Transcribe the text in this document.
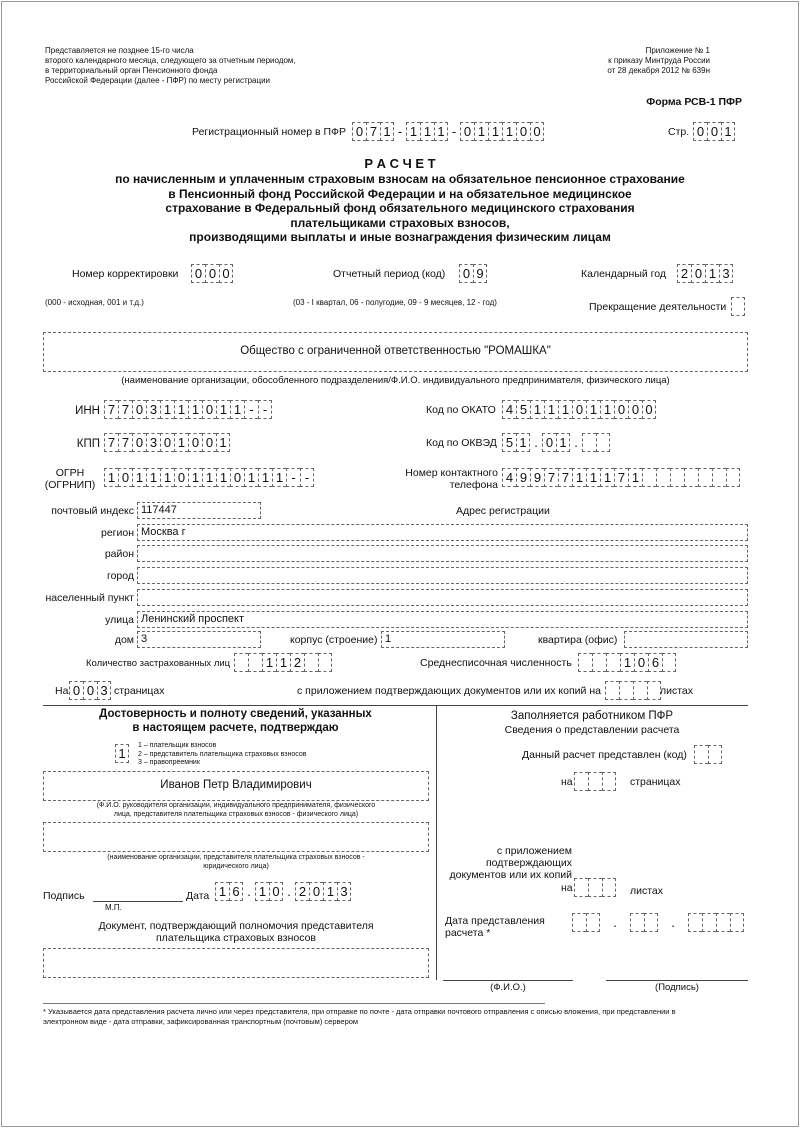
Представляется не позднее 15-го числа
второго календарного месяца, следующего за отчетным периодом,
в территориальный орган Пенсионного фонда
Российской Федерации (далее - ПФР) по месту регистрации
Приложение № 1
к приказу Минтруда России
от 28 декабря 2012 № 639н
Форма РСВ-1 ПФР
Регистрационный номер в ПФР 0 7 1 - 1 1 1 - 0 1 1 1 0 0	Стр. 0 0 1
Р А С Ч Е Т
по начисленным и уплаченным страховым взносам на обязательное пенсионное страхование
в Пенсионный фонд Российской Федерации и на обязательное медицинское
страхование в Федеральный фонд обязательного медицинского страхования
плательщиками страховых взносов,
производящими выплаты и иные вознаграждения физическим лицам
Номер корректировки 0 0 0
(000 - исходная, 001 и т.д.)
Отчетный период (код) 0 9
(03 - I квартал, 06 - полугодие, 09 - 9 месяцев, 12 - год)
Календарный год 2 0 1 3
Прекращение деятельности
Общество с ограниченной ответственностью "РОМАШКА"
(наименование организации, обособленного подразделения/Ф.И.О. индивидуального предпринимателя, физического лица)
ИНН 7 7 0 3 1 1 1 0 1 1 - -	Код по ОКАТО 4 5 1 1 1 0 1 1 0 0 0
КПП 7 7 0 3 0 1 0 0 1	Код по ОКВЭД 5 1 . 0 1 .
ОГРН
(ОГРНИП) 1 0 1 1 1 0 1 1 1 0 1 1 1 - -	Номер контактного
телефона 4 9 9 7 7 1 1 1 7 1
почтовый индекс 117447	Адрес регистрации
регион Москва г
район
город
населенный пункт
улица Ленинский проспект
дом 3	корпус (строение) 1	квартира (офис)
Количество застрахованных лиц	1 1 2	Среднесписочная численность	1 0 6
На 0 0 3 страницах	с приложением подтверждающих документов или их копий на	листах
Достоверность и полноту сведений, указанных
в настоящем расчете, подтверждаю
1
1 – плательщик взносов
2 – представитель плательщика страховых взносов
3 – правопреемник
Иванов Петр Владимирович
(Ф.И.О. руководителя организации, индивидуального предпринимателя, физического
лица, представителя плательщика страховых взносов - физического лица)
(наименование организации, представителя плательщика страховых взносов -
юридического лица)
Подпись
М.П.
Дата 1 6 . 1 0 . 2 0 1 3
Документ, подтверждающий полномочия представителя
плательщика страховых взносов
Заполняется работником ПФР
Сведения о представлении расчета
Данный расчет представлен (код)
на	страницах
с приложением
подтверждающих
документов или их копий
на	листах
Дата представления
расчета *
.	.
(Ф.И.О.)	(Подпись)
* Указывается дата представления расчета лично или через представителя, при отправке по почте - дата отправки почтового отправления с описью вложения, при представлении в
электронном виде - дата отправки, зафиксированная транспортным (почтовым) сервером
